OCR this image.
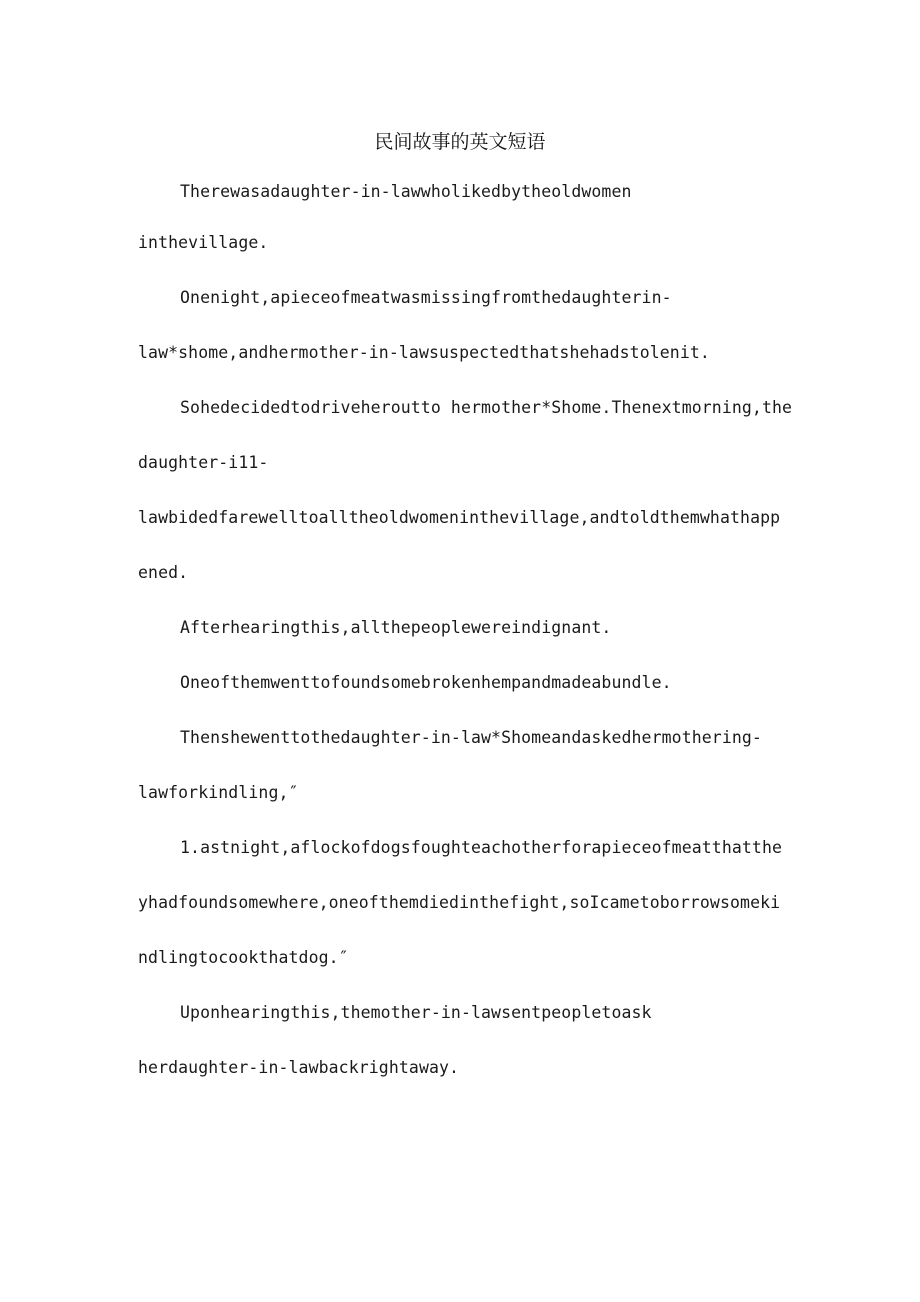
民间故事的英文短语
Therewasadaughter-in-lawwholikedbytheoldwomen
inthevillage.
Onenight,apieceofmeatwasmissingfromthedaughterin-
law*shome,andhermother-in-lawsuspectedthatshehadstolenit.
Sohedecidedtodriveheroutto hermother*Shome.Thenextmorning,the
daughter-i11-
lawbidedfarewelltoalltheoldwomeninthevillage,andtoldthemwhathapp
ened.
Afterhearingthis,allthepeoplewereindignant.
Oneofthemwenttofoundsomebrokenhempandmadeabundle.
Thenshewenttothedaughter-in-law*Shomeandaskedhermothering-
lawforkindling,″
1.astnight,aflockofdogsfoughteachotherforapieceofmeatthatthe
yhadfoundsomewhere,oneofthemdiedinthefight,soIcametoborrowsomeki
ndlingtocookthatdog.″
Uponhearingthis,themother-in-lawsentpeopletoask
herdaughter-in-lawbackrightaway.
